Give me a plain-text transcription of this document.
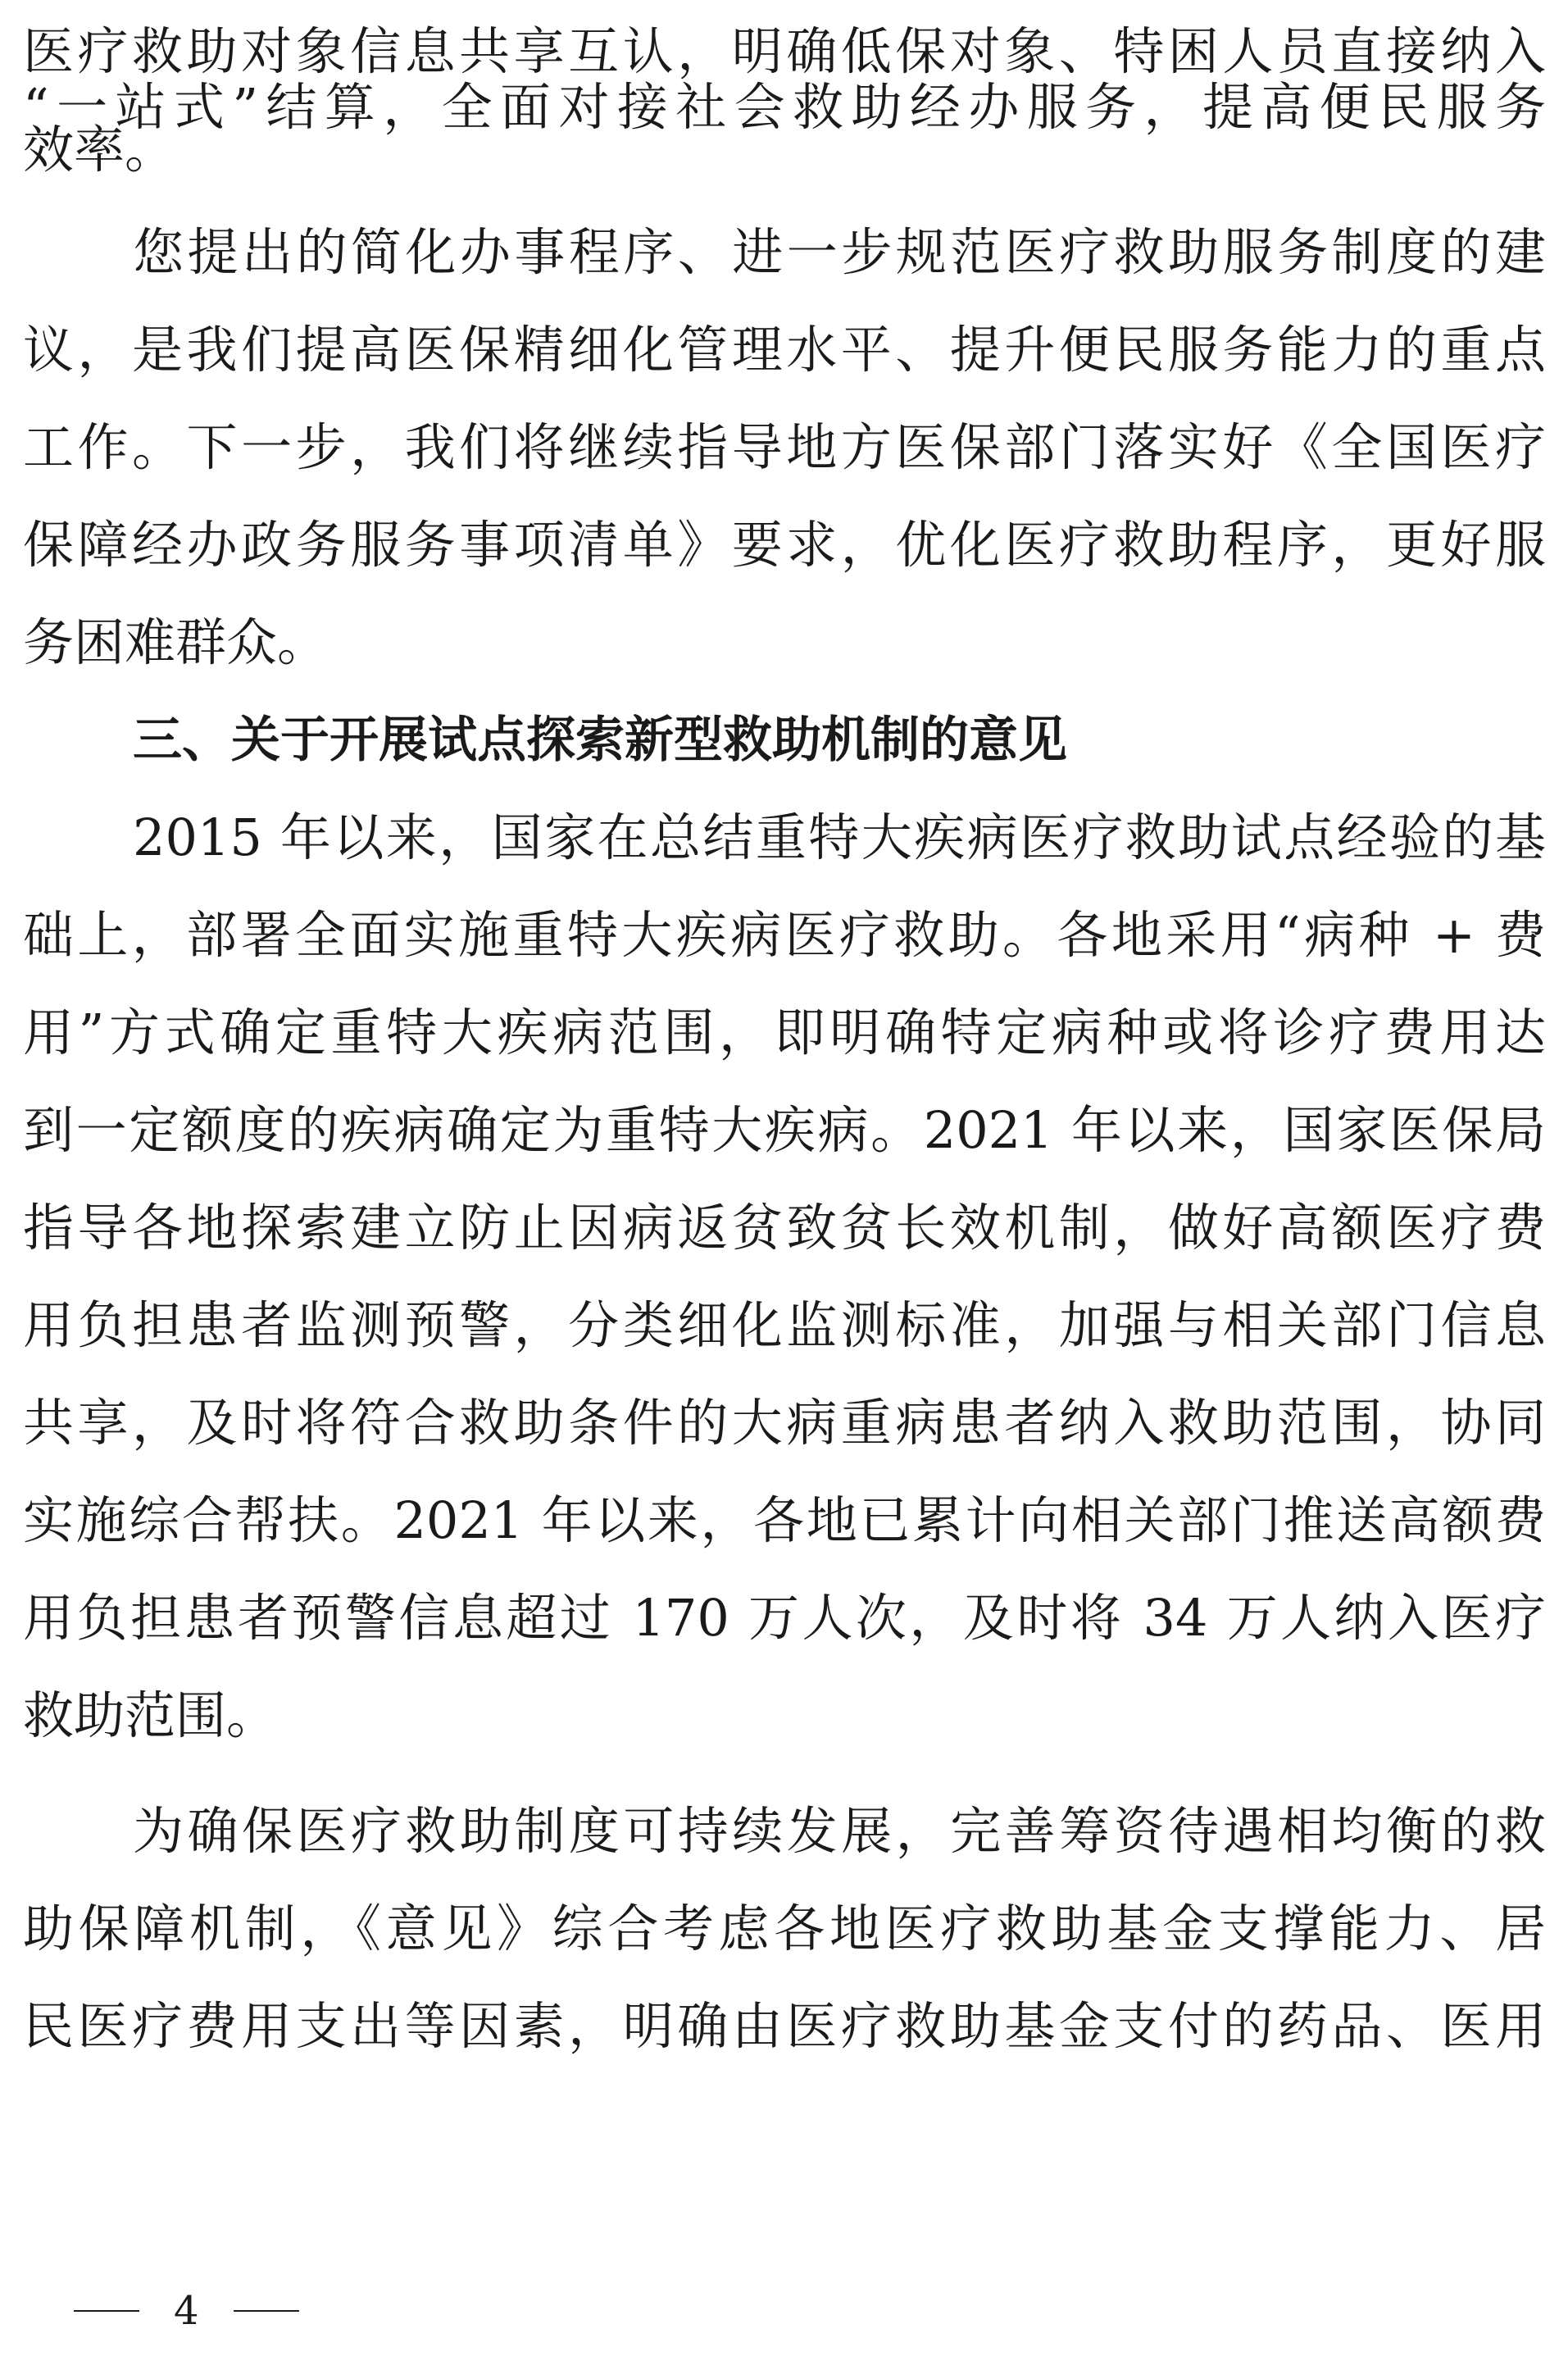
医疗救助对象信息共享互认，明确低保对象、特困人员直接纳入
“一站式”结算，全面对接社会救助经办服务，提高便民服务
效率。
您提出的简化办事程序、进一步规范医疗救助服务制度的建
议，是我们提高医保精细化管理水平、提升便民服务能力的重点
工作。下一步，我们将继续指导地方医保部门落实好《全国医疗
保障经办政务服务事项清单》要求，优化医疗救助程序，更好服
务困难群众。
三、关于开展试点探索新型救助机制的意见
2015 年以来，国家在总结重特大疾病医疗救助试点经验的基
础上，部署全面实施重特大疾病医疗救助。各地采用“病种 + 费
用”方式确定重特大疾病范围，即明确特定病种或将诊疗费用达
到一定额度的疾病确定为重特大疾病。2021 年以来，国家医保局
指导各地探索建立防止因病返贫致贫长效机制，做好高额医疗费
用负担患者监测预警，分类细化监测标准，加强与相关部门信息
共享，及时将符合救助条件的大病重病患者纳入救助范围，协同
实施综合帮扶。2021 年以来，各地已累计向相关部门推送高额费
用负担患者预警信息超过 170 万人次，及时将 34 万人纳入医疗
救助范围。
为确保医疗救助制度可持续发展，完善筹资待遇相均衡的救
助保障机制，《意见》综合考虑各地医疗救助基金支撑能力、居
民医疗费用支出等因素，明确由医疗救助基金支付的药品、医用
4
